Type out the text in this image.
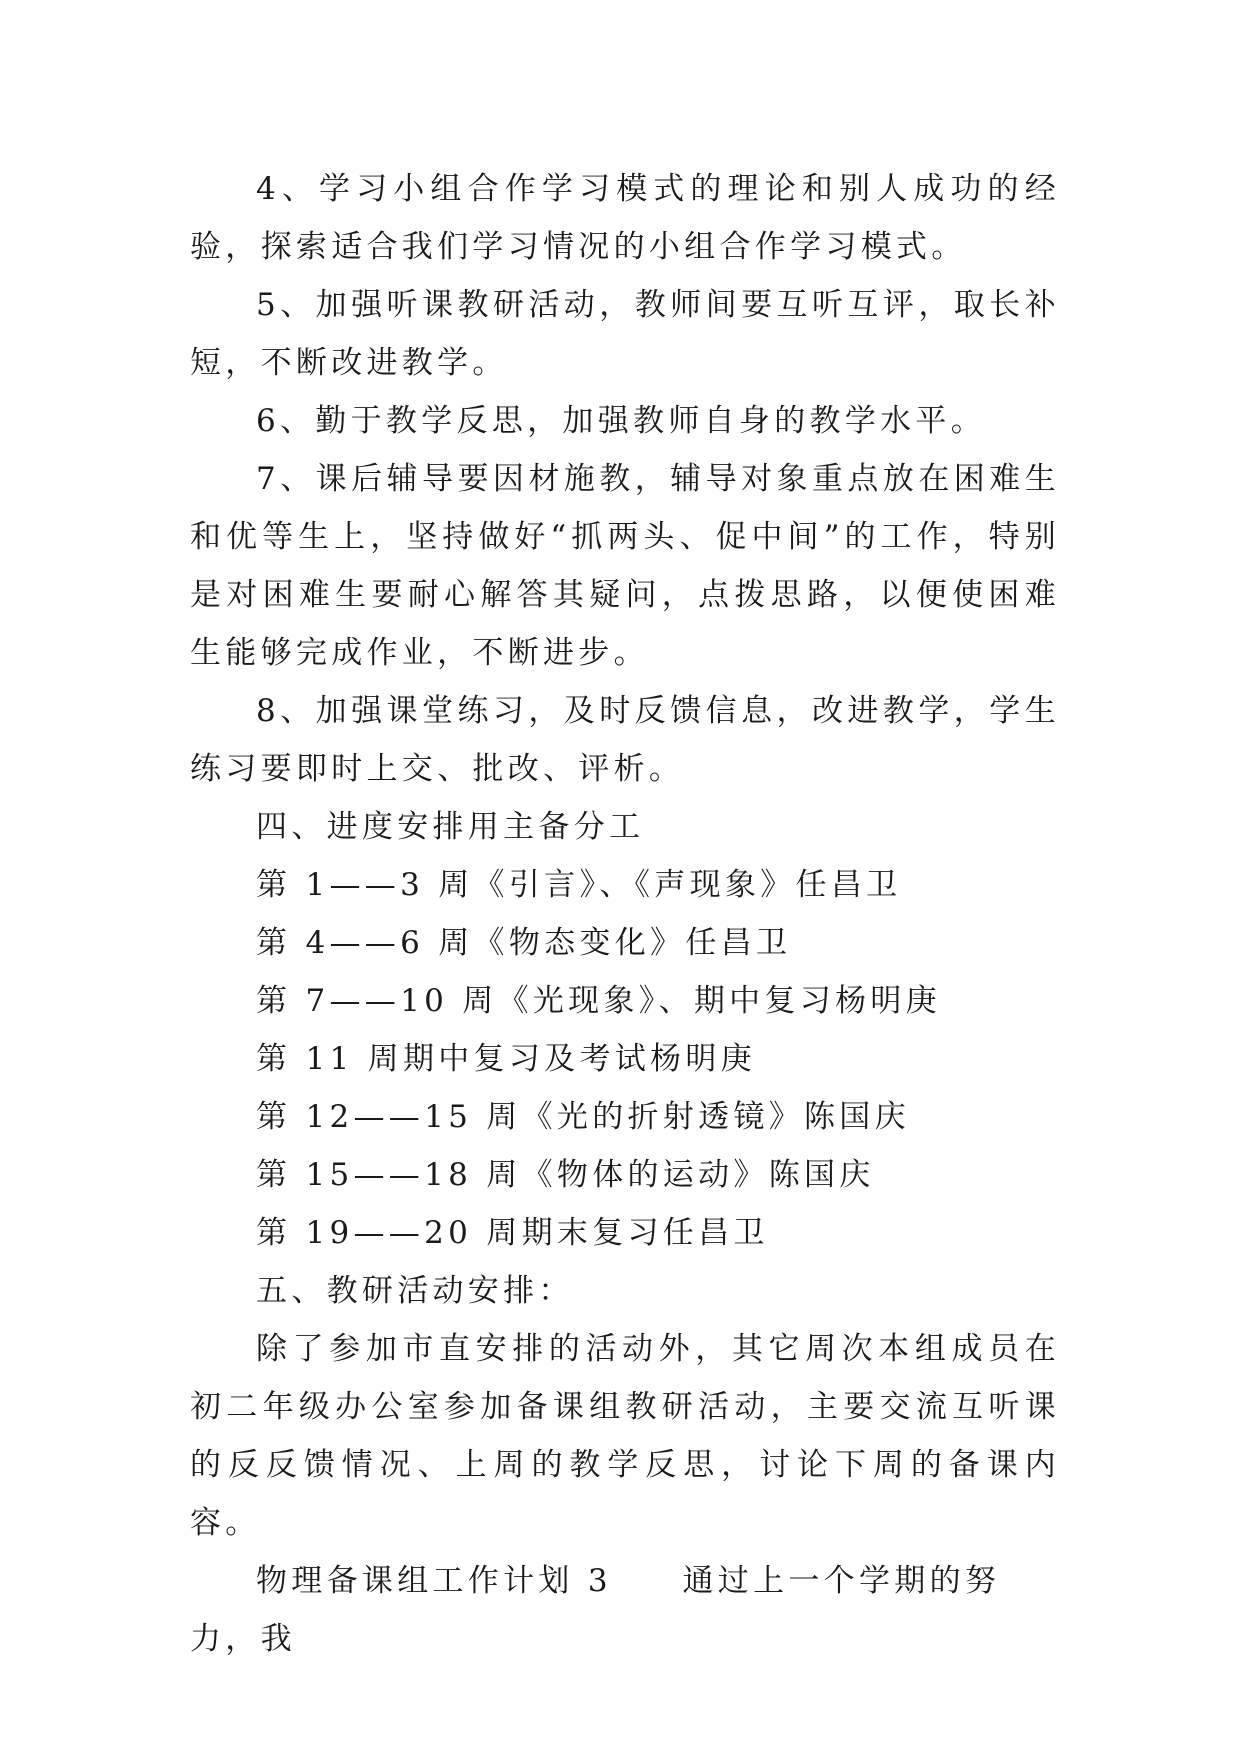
4、学习小组合作学习模式的理论和别人成功的经验，探索适合我们学习情况的小组合作学习模式。

5、加强听课教研活动，教师间要互听互评，取长补短，不断改进教学。

6、勤于教学反思，加强教师自身的教学水平。

7、课后辅导要因材施教，辅导对象重点放在困难生和优等生上，坚持做好“抓两头、促中间”的工作，特别是对困难生要耐心解答其疑问，点拨思路，以便使困难生能够完成作业，不断进步。

8、加强课堂练习，及时反馈信息，改进教学，学生练习要即时上交、批改、评析。

四、进度安排用主备分工

第 1——3 周《引言》、《声现象》任昌卫

第 4——6 周《物态变化》任昌卫

第 7——10 周《光现象》、期中复习杨明庚

第 11 周期中复习及考试杨明庚

第 12——15 周《光的折射透镜》陈国庆

第 15——18 周《物体的运动》陈国庆

第 19——20 周期末复习任昌卫

五、教研活动安排：

除了参加市直安排的活动外，其它周次本组成员在初二年级办公室参加备课组教研活动，主要交流互听课的反反馈情况、上周的教学反思，讨论下周的备课内容。

物理备课组工作计划 3　　通过上一个学期的努力，我
